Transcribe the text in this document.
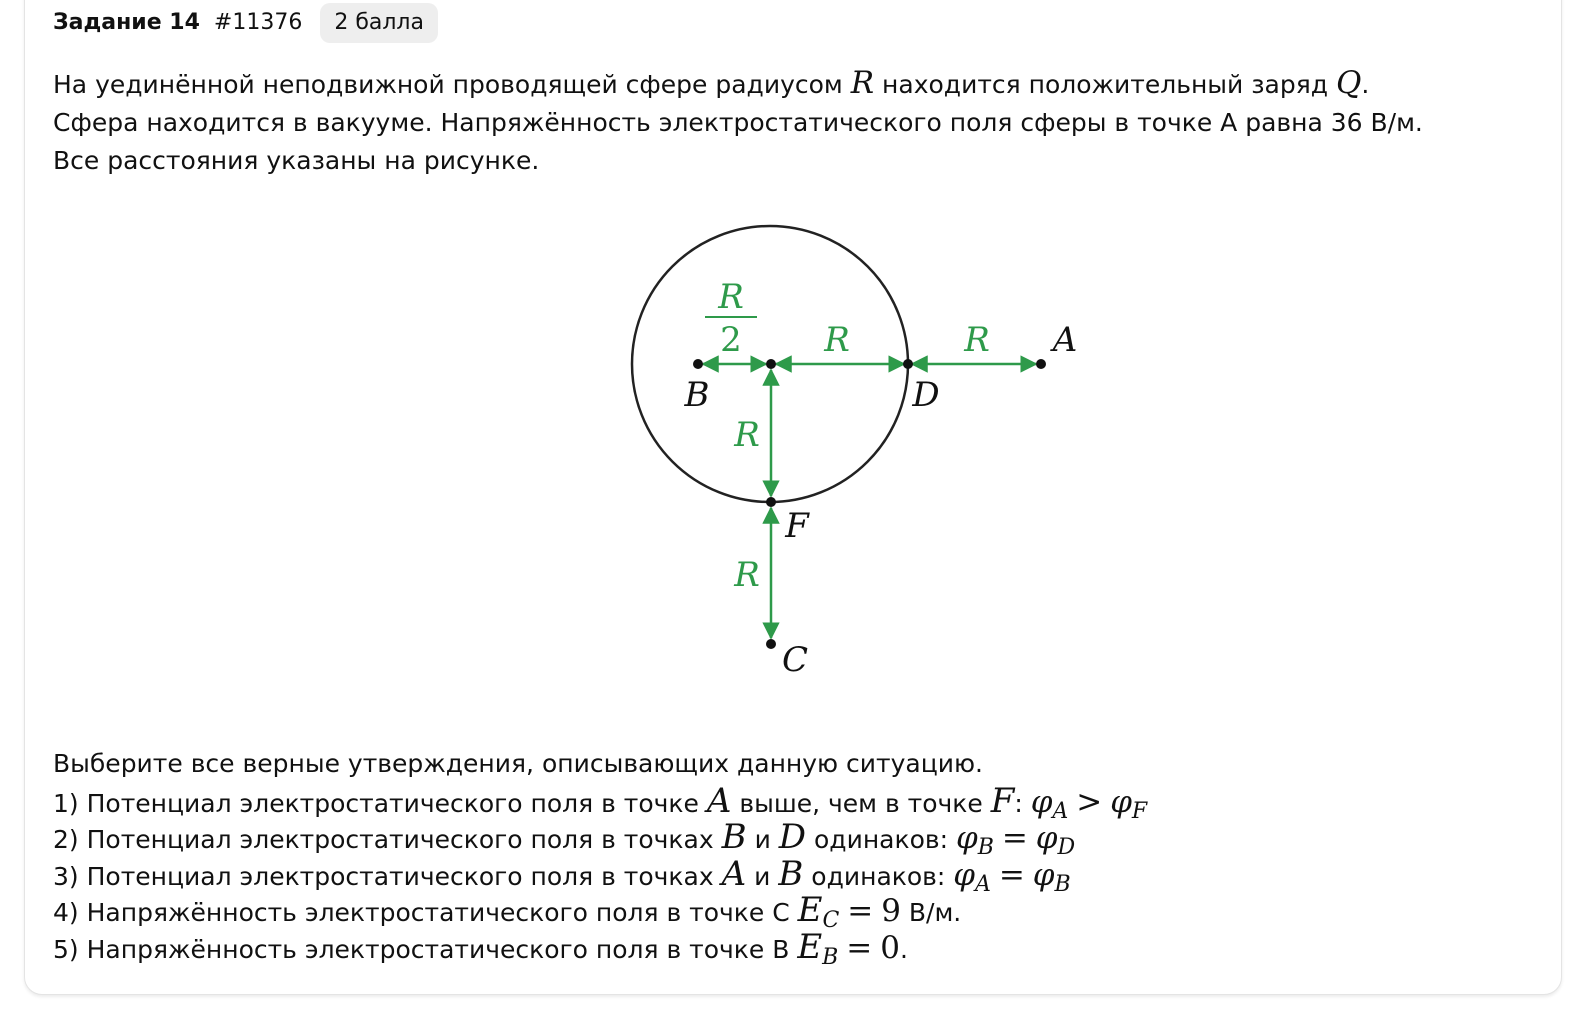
Задание 14 #11376	2 балла

На уединённой неподвижной проводящей сфере радиусом R находится положительный заряд Q.

Сфера находится в вакууме. Напряжённость электростатического поля сферы в точке А равна 36 В/м.

Все расстояния указаны на рисунке.

R
2 R	R
R
R
A
B	D
F
C

Выберите все верные утверждения, описывающих данную ситуацию.

1) Потенциал электростатического поля в точке A выше, чем в точке F: φA > φF

2) Потенциал электростатического поля в точках B и D одинаков: φB = φD

3) Потенциал электростатического поля в точках A и B одинаков: φA = φB

4) Напряжённость электростатического поля в точке С EC = 9 В/м.

5) Напряжённость электростатического поля в точке В EB = 0.
